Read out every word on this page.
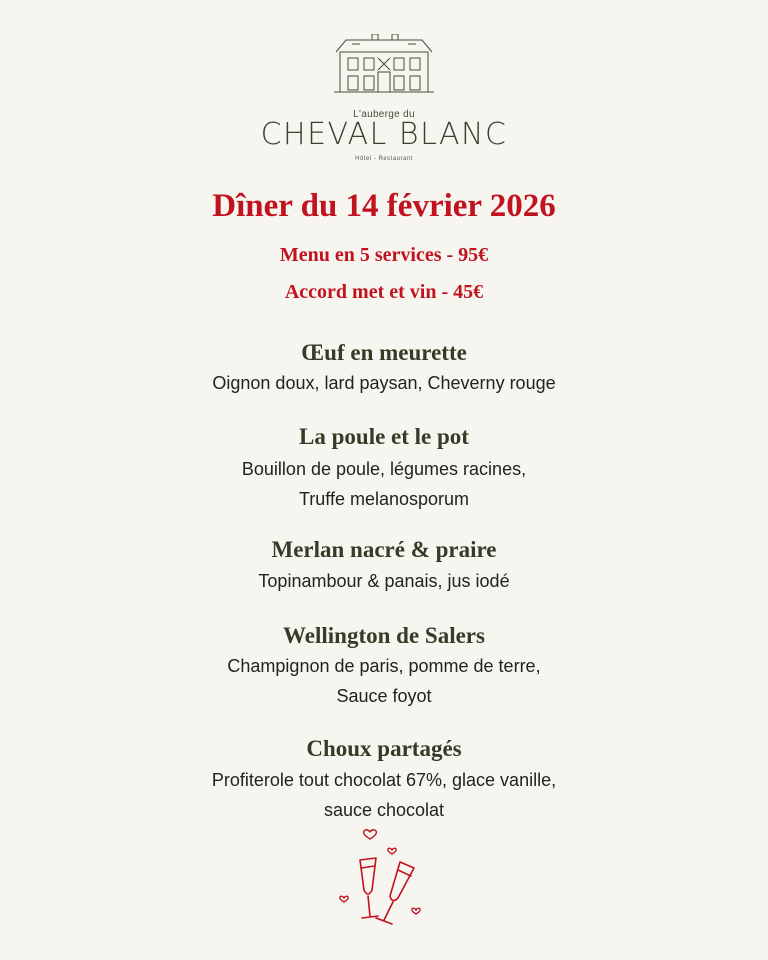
L'auberge du
CHEVAL BLANC
Hôtel - Restaurant
Dîner du 14 février 2026
Menu en 5 services - 95€
Accord met et vin - 45€
Œuf en meurette
Oignon doux, lard paysan, Cheverny rouge
La poule et le pot
Bouillon de poule, légumes racines,
Truffe melanosporum
Merlan nacré & praire
Topinambour & panais, jus iodé
Wellington de Salers
Champignon de paris, pomme de terre,
Sauce foyot
Choux partagés
Profiterole tout chocolat 67%, glace vanille,
sauce chocolat
